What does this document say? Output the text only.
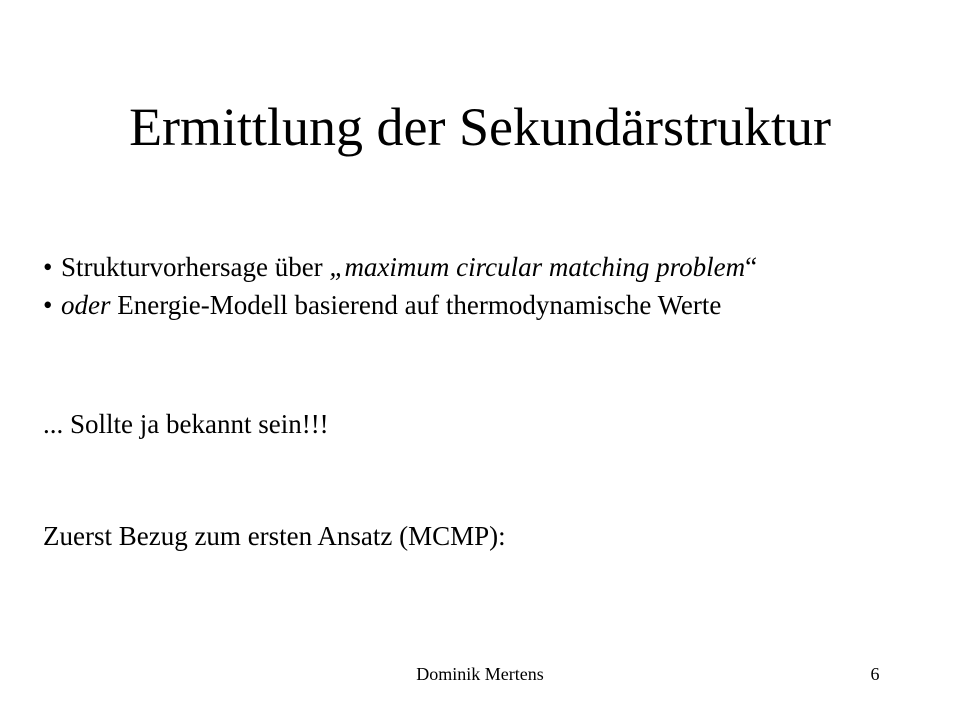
Ermittlung der Sekundärstruktur
• Strukturvorhersage über „maximum circular matching problem“
• oder Energie-Modell basierend auf thermodynamische Werte
... Sollte ja bekannt sein!!!
Zuerst Bezug zum ersten Ansatz (MCMP):
Dominik Mertens	6
